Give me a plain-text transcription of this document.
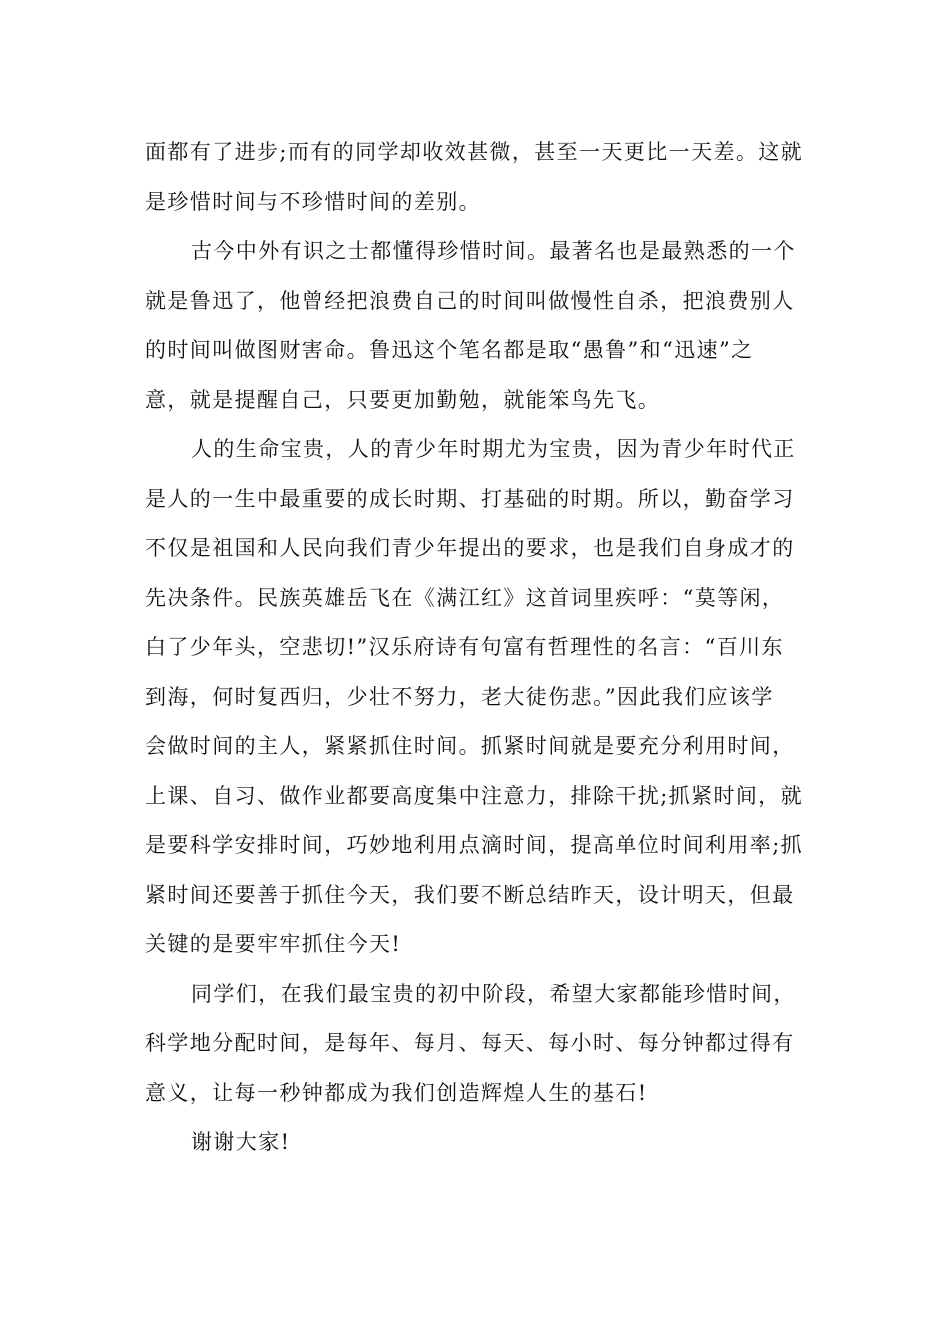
面都有了进步;而有的同学却收效甚微，甚至一天更比一天差。这就
是珍惜时间与不珍惜时间的差别。
古今中外有识之士都懂得珍惜时间。最著名也是最熟悉的一个
就是鲁迅了，他曾经把浪费自己的时间叫做慢性自杀，把浪费别人
的时间叫做图财害命。鲁迅这个笔名都是取“愚鲁”和“迅速”之
意，就是提醒自己，只要更加勤勉，就能笨鸟先飞。
人的生命宝贵，人的青少年时期尤为宝贵，因为青少年时代正
是人的一生中最重要的成长时期、打基础的时期。所以，勤奋学习
不仅是祖国和人民向我们青少年提出的要求，也是我们自身成才的
先决条件。民族英雄岳飞在《满江红》这首词里疾呼：“莫等闲，
白了少年头，空悲切!”汉乐府诗有句富有哲理性的名言：“百川东
到海，何时复西归，少壮不努力，老大徒伤悲。”因此我们应该学
会做时间的主人，紧紧抓住时间。抓紧时间就是要充分利用时间，
上课、自习、做作业都要高度集中注意力，排除干扰;抓紧时间，就
是要科学安排时间，巧妙地利用点滴时间，提高单位时间利用率;抓
紧时间还要善于抓住今天，我们要不断总结昨天，设计明天，但最
关键的是要牢牢抓住今天!
同学们，在我们最宝贵的初中阶段，希望大家都能珍惜时间，
科学地分配时间，是每年、每月、每天、每小时、每分钟都过得有
意义，让每一秒钟都成为我们创造辉煌人生的基石!
谢谢大家!
